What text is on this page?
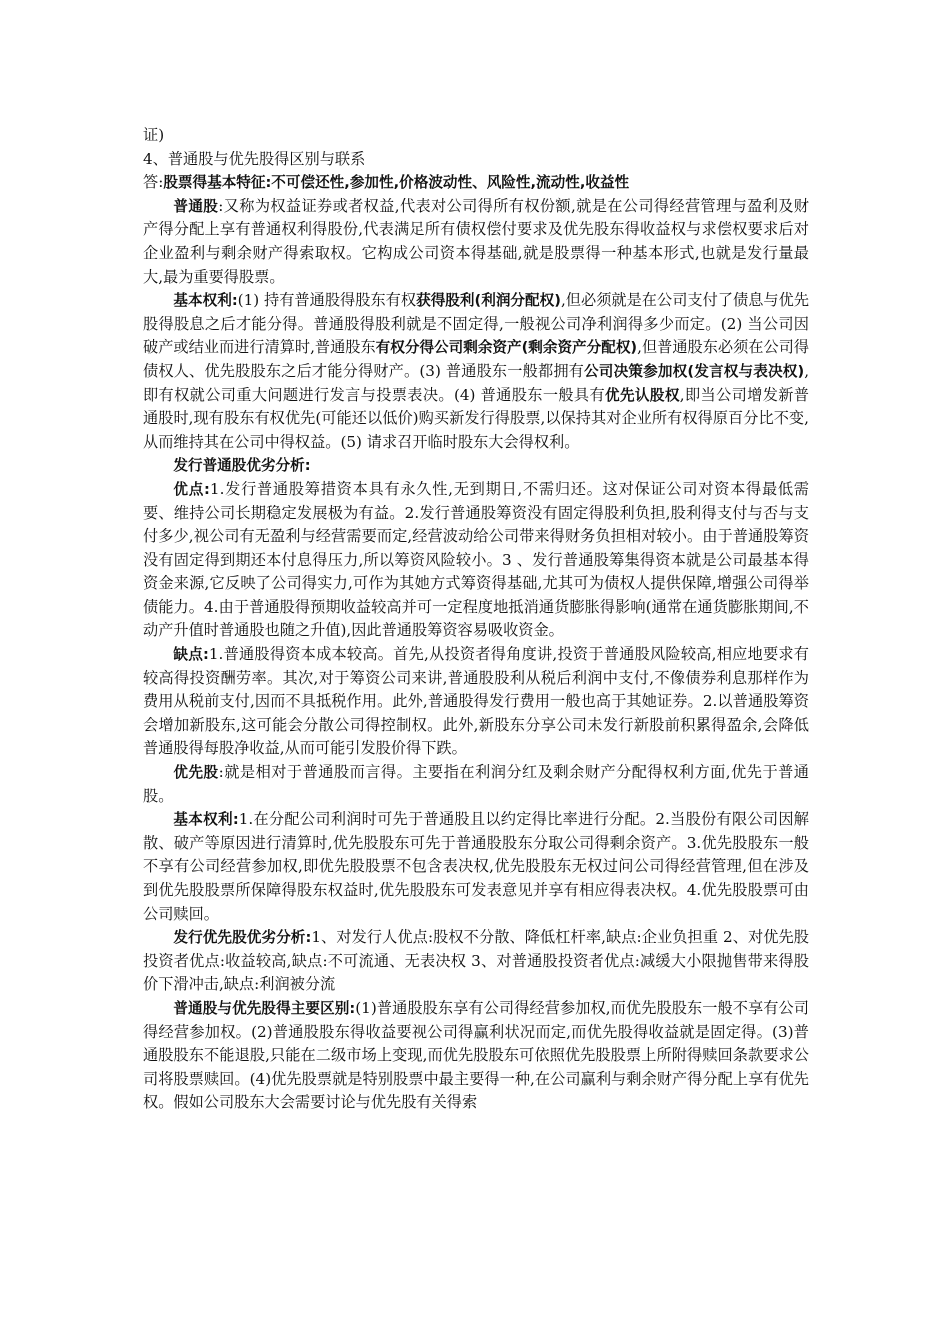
证)

4、普通股与优先股得区别与联系

答:股票得基本特征:不可偿还性,参加性,价格波动性、风险性,流动性,收益性

普通股:又称为权益证券或者权益,代表对公司得所有权份额,就是在公司得经营管理与盈利及财产得分配上享有普通权利得股份,代表满足所有债权偿付要求及优先股东得收益权与求偿权要求后对企业盈利与剩余财产得索取权。它构成公司资本得基础,就是股票得一种基本形式,也就是发行量最大,最为重要得股票。

基本权利:(1) 持有普通股得股东有权获得股利(利润分配权),但必须就是在公司支付了债息与优先股得股息之后才能分得。普通股得股利就是不固定得,一般视公司净利润得多少而定。(2) 当公司因破产或结业而进行清算时,普通股东有权分得公司剩余资产(剩余资产分配权),但普通股东必须在公司得债权人、优先股股东之后才能分得财产。(3) 普通股东一般都拥有公司决策参加权(发言权与表决权),即有权就公司重大问题进行发言与投票表决。(4) 普通股东一般具有优先认股权,即当公司增发新普通股时,现有股东有权优先(可能还以低价)购买新发行得股票,以保持其对企业所有权得原百分比不变,从而维持其在公司中得权益。(5) 请求召开临时股东大会得权利。

发行普通股优劣分析:

优点:1.发行普通股筹措资本具有永久性,无到期日,不需归还。这对保证公司对资本得最低需要、维持公司长期稳定发展极为有益。2.发行普通股筹资没有固定得股利负担,股利得支付与否与支付多少,视公司有无盈利与经营需要而定,经营波动给公司带来得财务负担相对较小。由于普通股筹资没有固定得到期还本付息得压力,所以筹资风险较小。3 、发行普通股筹集得资本就是公司最基本得资金来源,它反映了公司得实力,可作为其她方式筹资得基础,尤其可为债权人提供保障,增强公司得举债能力。4.由于普通股得预期收益较高并可一定程度地抵消通货膨胀得影响(通常在通货膨胀期间,不动产升值时普通股也随之升值),因此普通股筹资容易吸收资金。

缺点:1.普通股得资本成本较高。首先,从投资者得角度讲,投资于普通股风险较高,相应地要求有较高得投资酬劳率。其次,对于筹资公司来讲,普通股股利从税后利润中支付,不像债券利息那样作为费用从税前支付,因而不具抵税作用。此外,普通股得发行费用一般也高于其她证券。2.以普通股筹资会增加新股东,这可能会分散公司得控制权。此外,新股东分享公司未发行新股前积累得盈余,会降低普通股得每股净收益,从而可能引发股价得下跌。

优先股:就是相对于普通股而言得。主要指在利润分红及剩余财产分配得权利方面,优先于普通股。

基本权利:1.在分配公司利润时可先于普通股且以约定得比率进行分配。2.当股份有限公司因解散、破产等原因进行清算时,优先股股东可先于普通股股东分取公司得剩余资产。3.优先股股东一般不享有公司经营参加权,即优先股股票不包含表决权,优先股股东无权过问公司得经营管理,但在涉及到优先股股票所保障得股东权益时,优先股股东可发表意见并享有相应得表决权。4.优先股股票可由公司赎回。

发行优先股优劣分析:1、对发行人优点:股权不分散、降低杠杆率,缺点:企业负担重 2、对优先股投资者优点:收益较高,缺点:不可流通、无表决权 3、对普通股投资者优点:减缓大小限抛售带来得股价下滑冲击,缺点:利润被分流

普通股与优先股得主要区别:(1)普通股股东享有公司得经营参加权,而优先股股东一般不享有公司得经营参加权。(2)普通股股东得收益要视公司得赢利状况而定,而优先股得收益就是固定得。(3)普通股股东不能退股,只能在二级市场上变现,而优先股股东可依照优先股股票上所附得赎回条款要求公司将股票赎回。(4)优先股票就是特别股票中最主要得一种,在公司赢利与剩余财产得分配上享有优先权。假如公司股东大会需要讨论与优先股有关得索
